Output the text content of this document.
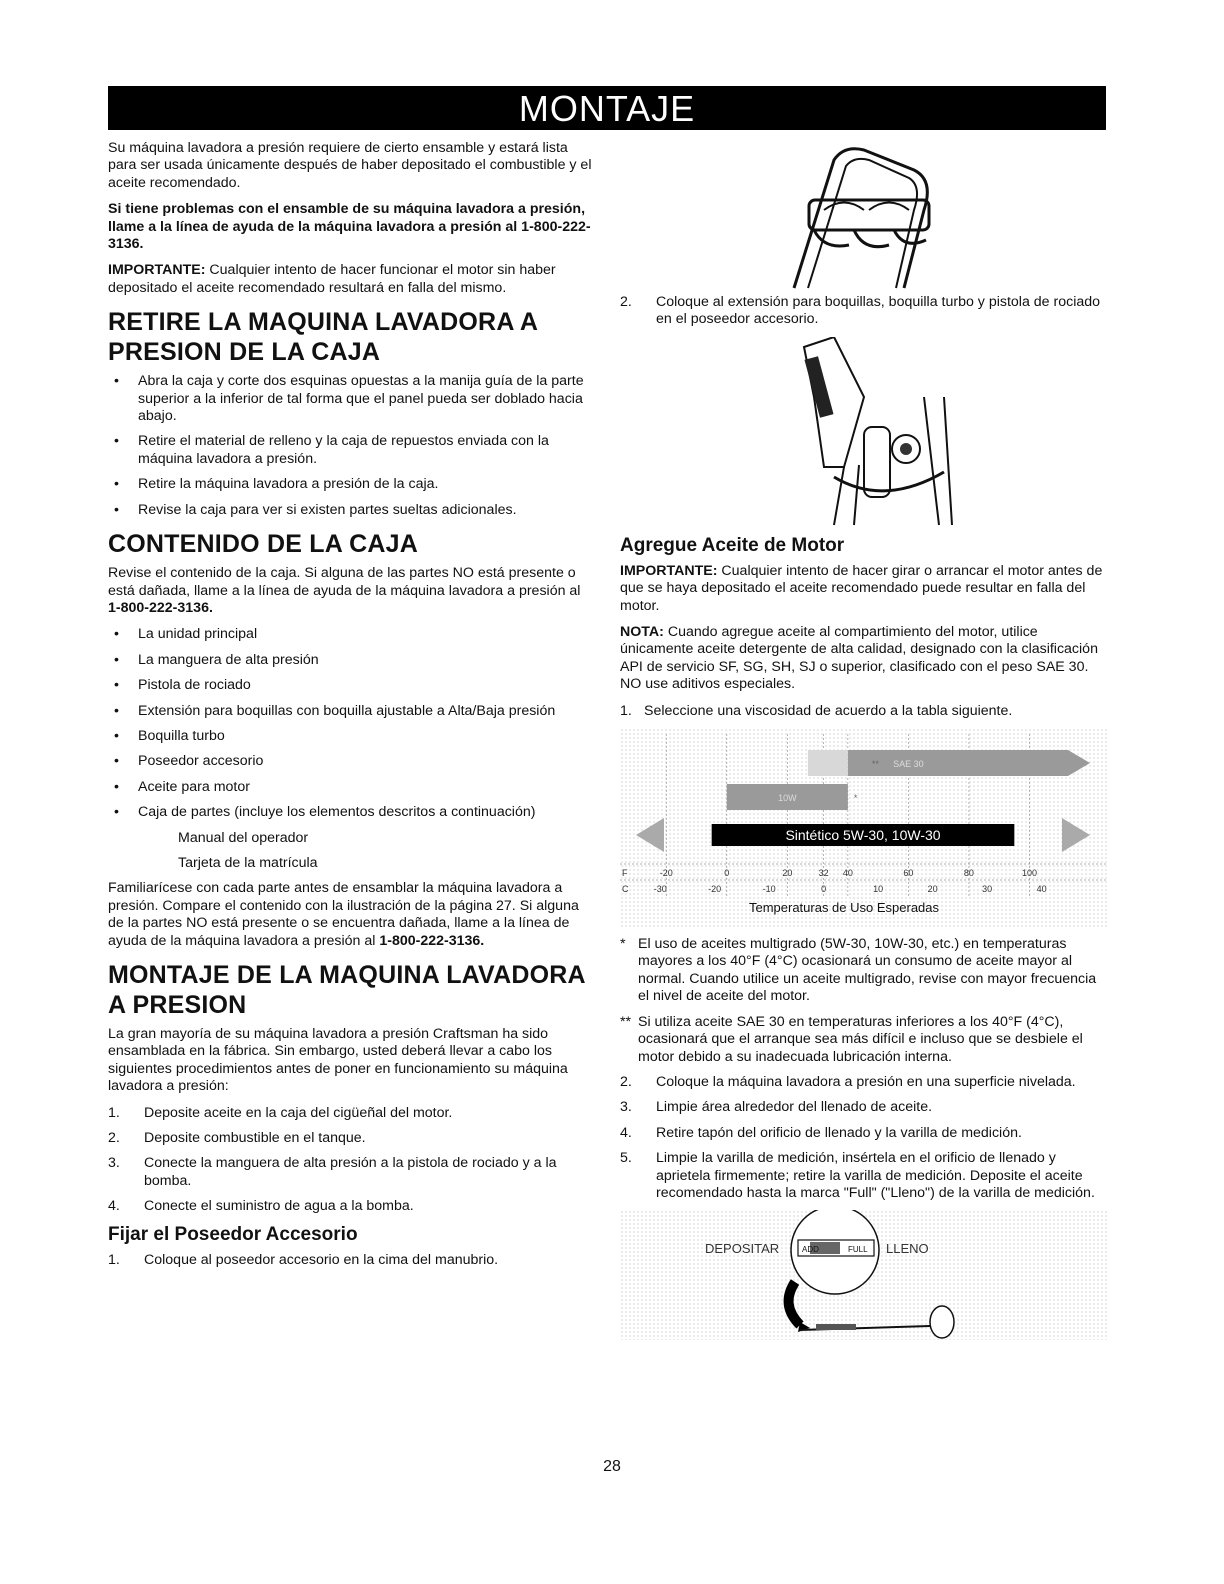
MONTAJE

Su máquina lavadora a presión requiere de cierto ensamble y estará lista para ser usada únicamente después de haber depositado el combustible y el aceite recomendado.

Si tiene problemas con el ensamble de su máquina lavadora a presión, llame a la línea de ayuda de la máquina lavadora a presión al 1-800-222-3136.

IMPORTANTE: Cualquier intento de hacer funcionar el motor sin haber depositado el aceite recomendado resultará en falla del mismo.

RETIRE LA MAQUINA LAVADORA A PRESION DE LA CAJA
• Abra la caja y corte dos esquinas opuestas a la manija guía de la parte superior a la inferior de tal forma que el panel pueda ser doblado hacia abajo.
• Retire el material de relleno y la caja de repuestos enviada con la máquina lavadora a presión.
• Retire la máquina lavadora a presión de la caja.
• Revise la caja para ver si existen partes sueltas adicionales.
CONTENIDO DE LA CAJA

Revise el contenido de la caja. Si alguna de las partes NO está presente o está dañada, llame a la línea de ayuda de la máquina lavadora a presión al 1-800-222-3136.

• La unidad principal
• La manguera de alta presión
• Pistola de rociado
• Extensión para boquillas con boquilla ajustable a Alta/Baja presión
• Boquilla turbo
• Poseedor accesorio
• Aceite para motor
• Caja de partes (incluye los elementos descritos a continuación)
Manual del operador
Tarjeta de la matrícula

Familiarícese con cada parte antes de ensamblar la máquina lavadora a presión. Compare el contenido con la ilustración de la página 27. Si alguna de la partes NO está presente o se encuentra dañada, llame a la línea de ayuda de la máquina lavadora a presión al 1-800-222-3136.

MONTAJE DE LA MAQUINA LAVADORA A PRESION

La gran mayoría de su máquina lavadora a presión Craftsman ha sido ensamblada en la fábrica. Sin embargo, usted deberá llevar a cabo los siguientes procedimientos antes de poner en funcionamiento su máquina lavadora a presión:

1. Deposite aceite en la caja del cigüeñal del motor.
2. Deposite combustible en el tanque.
3. Conecte la manguera de alta presión a la pistola de rociado y a la bomba.
4. Conecte el suministro de agua a la bomba.
Fijar el Poseedor Accesorio
1. Coloque al poseedor accesorio en la cima del manubrio.
2. Coloque al extensión para boquillas, boquilla turbo y pistola de rociado en el poseedor accesorio.
Agregue Aceite de Motor

IMPORTANTE: Cualquier intento de hacer girar o arrancar el motor antes de que se haya depositado el aceite recomendado puede resultar en falla del motor.

NOTA: Cuando agregue aceite al compartimiento del motor, utilice únicamente aceite detergente de alta calidad, designado con la clasificación API de servicio SF, SG, SH, SJ o superior, clasificado con el peso SAE 30. NO use aditivos especiales.

1. Seleccione una viscosidad de acuerdo a la tabla siguiente.
** SAE 30
*
10W
Sintético 5W-30, 10W-30
F
C
-20	0	20	32 40	60	80	100
-30	-20	-10	0	10	20	30	40
Temperaturas de Uso Esperadas
* El uso de aceites multigrado (5W-30, 10W-30, etc.) en temperaturas mayores a los 40°F (4°C) ocasionará un consumo de aceite mayor al normal. Cuando utilice un aceite multigrado, revise con mayor frecuencia el nivel de aceite del motor.
** Si utiliza aceite SAE 30 en temperaturas inferiores a los 40°F (4°C), ocasionará que el arranque sea más difícil e incluso que se desbiele el motor debido a su inadecuada lubricación interna.
2. Coloque la máquina lavadora a presión en una superficie nivelada.
3. Limpie área alrededor del llenado de aceite.
4. Retire tapón del orificio de llenado y la varilla de medición.
5. Limpie la varilla de medición, insértela en el orificio de llenado y aprietela firmemente; retire la varilla de medición. Deposite el aceite recomendado hasta la marca "Full" ("Lleno") de la varilla de medición.
ADD	FULL
DEPOSITAR	LLENO
28
